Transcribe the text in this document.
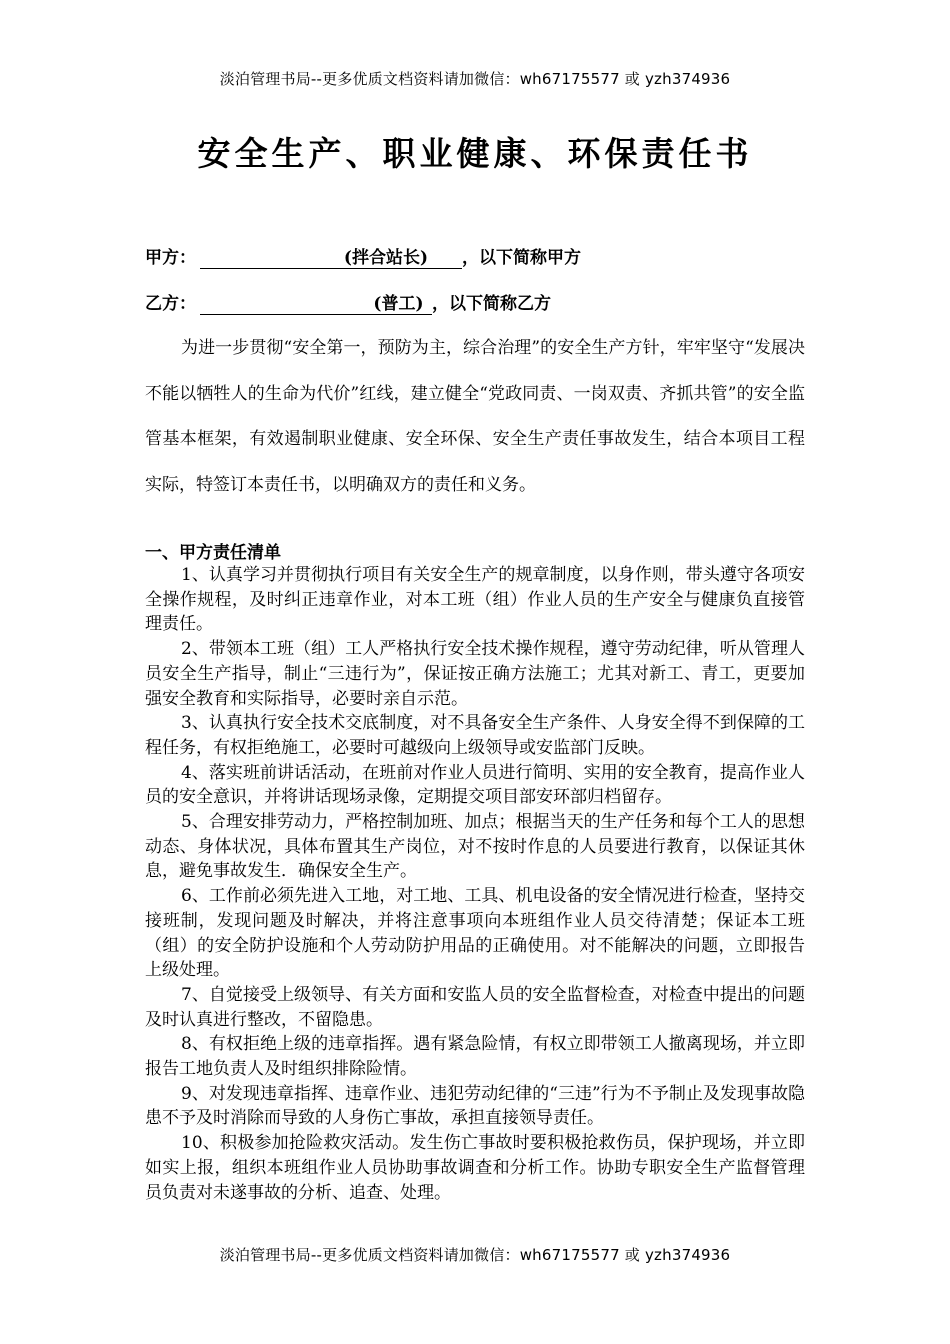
淡泊管理书局--更多优质文档资料请加微信：wh67175577 或 yzh374936
安全生产、职业健康、环保责任书
甲方：	(拌合站长)     ，以下简称甲方
乙方：	(普工)  ，以下简称乙方

为进一步贯彻“安全第一，预防为主，综合治理”的安全生产方针，牢牢坚守“发展决不能以牺牲人的生命为代价”红线，建立健全“党政同责、一岗双责、齐抓共管”的安全监管基本框架，有效遏制职业健康、安全环保、安全生产责任事故发生，结合本项目工程实际，特签订本责任书，以明确双方的责任和义务。

一、甲方责任清单
1、认真学习并贯彻执行项目有关安全生产的规章制度，以身作则，带头遵守各项安全操作规程，及时纠正违章作业，对本工班（组）作业人员的生产安全与健康负直接管理责任。
2、带领本工班（组）工人严格执行安全技术操作规程，遵守劳动纪律，听从管理人员安全生产指导，制止“三违行为”，保证按正确方法施工；尤其对新工、青工，更要加强安全教育和实际指导，必要时亲自示范。
3、认真执行安全技术交底制度，对不具备安全生产条件、人身安全得不到保障的工程任务，有权拒绝施工，必要时可越级向上级领导或安监部门反映。
4、落实班前讲话活动，在班前对作业人员进行简明、实用的安全教育，提高作业人员的安全意识，并将讲话现场录像，定期提交项目部安环部归档留存。
5、合理安排劳动力，严格控制加班、加点；根据当天的生产任务和每个工人的思想动态、身体状况，具体布置其生产岗位，对不按时作息的人员要进行教育，以保证其休息，避免事故发生．确保安全生产。
6、工作前必须先进入工地，对工地、工具、机电设备的安全情况进行检查，坚持交接班制，发现问题及时解决，并将注意事项向本班组作业人员交待清楚；保证本工班（组）的安全防护设施和个人劳动防护用品的正确使用。对不能解决的问题，立即报告上级处理。
7、自觉接受上级领导、有关方面和安监人员的安全监督检查，对检查中提出的问题及时认真进行整改，不留隐患。
8、有权拒绝上级的违章指挥。遇有紧急险情，有权立即带领工人撤离现场，并立即报告工地负责人及时组织排除险情。
9、对发现违章指挥、违章作业、违犯劳动纪律的“三违”行为不予制止及发现事故隐患不予及时消除而导致的人身伤亡事故，承担直接领导责任。
10、积极参加抢险救灾活动。发生伤亡事故时要积极抢救伤员，保护现场，并立即如实上报，组织本班组作业人员协助事故调查和分析工作。协助专职安全生产监督管理员负责对未遂事故的分析、追查、处理。
淡泊管理书局--更多优质文档资料请加微信：wh67175577 或 yzh374936
